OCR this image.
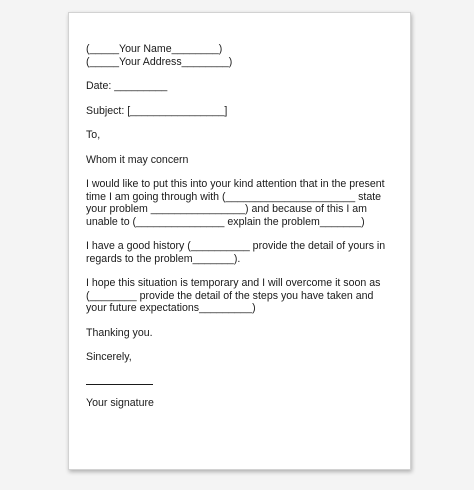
(_____Your Name________)

(_____Your Address________)

Date: _________

Subject: [________________]

To,

Whom it may concern

I would like to put this into your kind attention that in the present time I am going through with (______________________ state your problem ________________) and because of this I am unable to (_______________ explain the problem_______)

I have a good history (__________ provide the detail of yours in regards to the problem_______).

I hope this situation is temporary and I will overcome it soon as (________ provide the detail of the steps you have taken and your future expectations_________)

Thanking you.

Sincerely,

Your signature
